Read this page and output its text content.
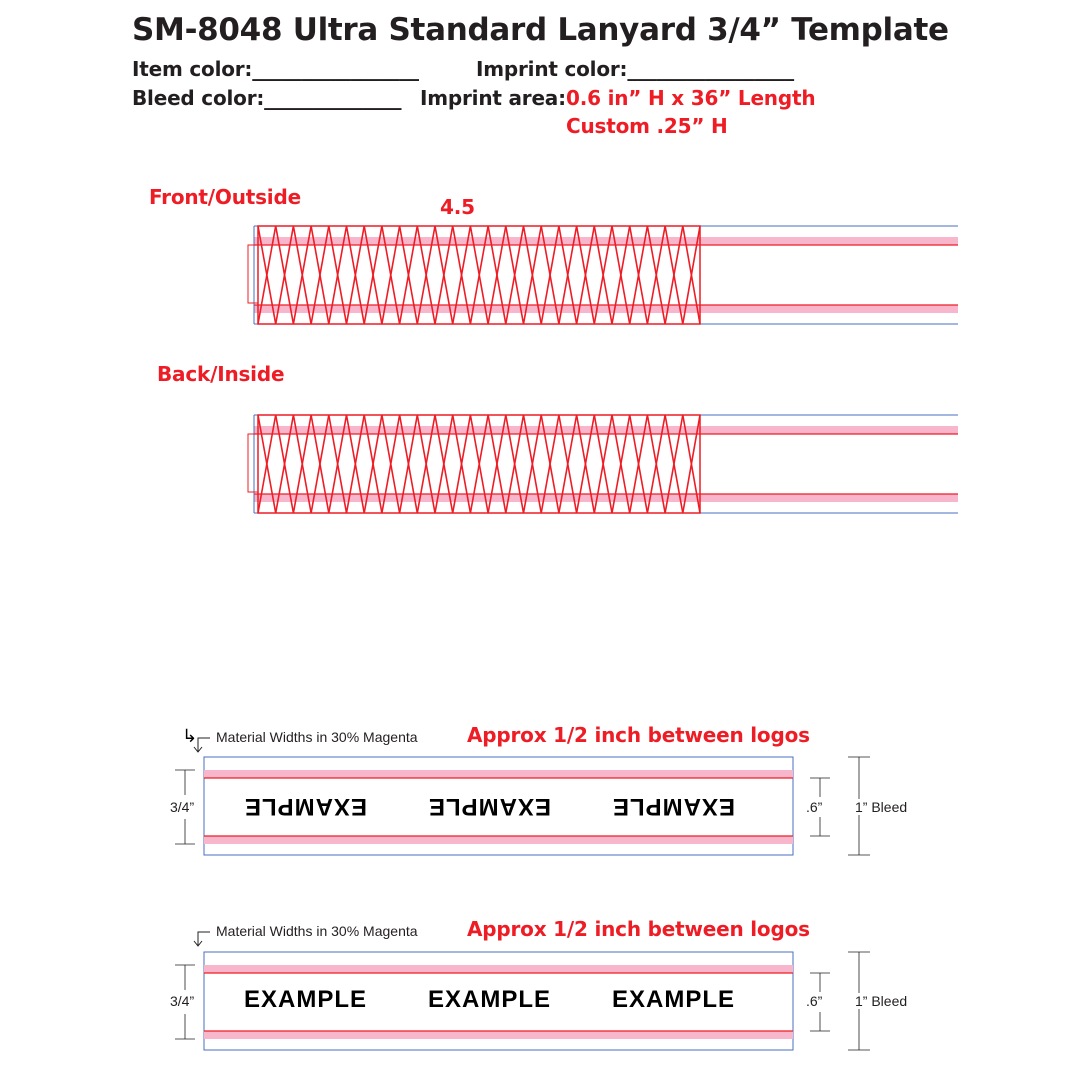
SM-8048 Ultra Standard Lanyard 3/4” Template
Item color:_________________	Imprint color:_________________
Bleed color:______________ Imprint area: 0.6 in” H x 36” Length
Custom .25” H
Front/Outside	4.5
Back/Inside
↳ Material Widths in 30% Magenta Approx 1/2 inch between logos
3/4”	.6” 1” Bleed
EXAMPLE	EXAMPLE	EXAMPLE
Material Widths in 30% Magenta Approx 1/2 inch between logos
3/4”	.6” 1” Bleed
EXAMPLE	EXAMPLE	EXAMPLE
